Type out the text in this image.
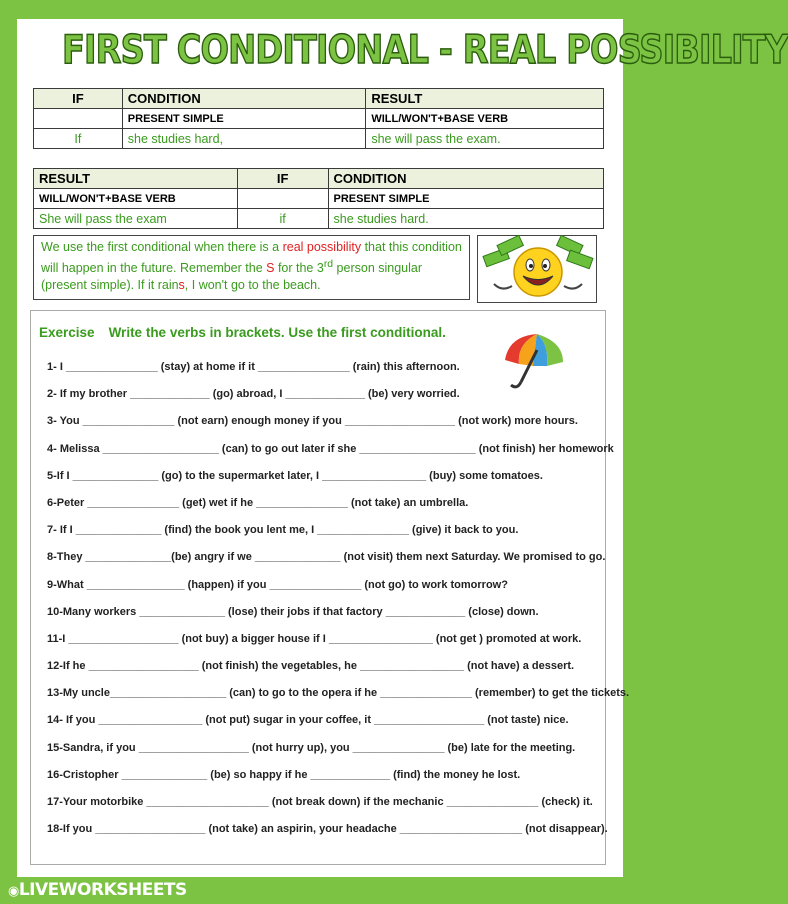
FIRST CONDITIONAL - REAL POSSIBILITY
IF	CONDITION	RESULT
	PRESENT SIMPLE	WILL/WON'T+BASE VERB
If	she studies hard,	she will pass the exam.
RESULT	IF	CONDITION
WILL/WON'T+BASE VERB		PRESENT SIMPLE
She will pass the exam	if	she studies hard.
We use the first conditional when there is a real possibility that this condition will happen in the future. Remember the S for the 3rd person singular (present simple). If it rains, I won't go to the beach.
Exercise Write the verbs in brackets. Use the first conditional.
1- I _______________ (stay) at home if it _______________ (rain) this afternoon.
2- If my brother _____________ (go) abroad, I _____________ (be) very worried.
3- You _______________ (not earn) enough money if you __________________ (not work) more hours.
4- Melissa ___________________ (can) to go out later if she ___________________ (not finish) her homework
5-If I ______________ (go) to the supermarket later, I _________________ (buy) some tomatoes.
6-Peter _______________ (get) wet if he _______________ (not take) an umbrella.
7- If I ______________ (find) the book you lent me, I _______________ (give) it back to you.
8-They ______________(be) angry if we ______________ (not visit) them next Saturday. We promised to go.
9-What ________________ (happen) if you _______________ (not go) to work tomorrow?
10-Many workers ______________ (lose) their jobs if that factory _____________ (close) down.
11-I __________________ (not buy) a bigger house if I _________________ (not get ) promoted at work.
12-If he __________________ (not finish) the vegetables, he _________________ (not have) a dessert.
13-My uncle___________________ (can) to go to the opera if he _______________ (remember) to get the tickets.
14- If you _________________ (not put) sugar in your coffee, it __________________ (not taste) nice.
15-Sandra, if you __________________ (not hurry up), you _______________ (be) late for the meeting.
16-Cristopher ______________ (be) so happy if he _____________ (find) the money he lost.
17-Your motorbike ____________________ (not break down) if the mechanic _______________ (check) it.
18-If you __________________ (not take) an aspirin, your headache ____________________ (not disappear).
◉LIVEWORKSHEETS
